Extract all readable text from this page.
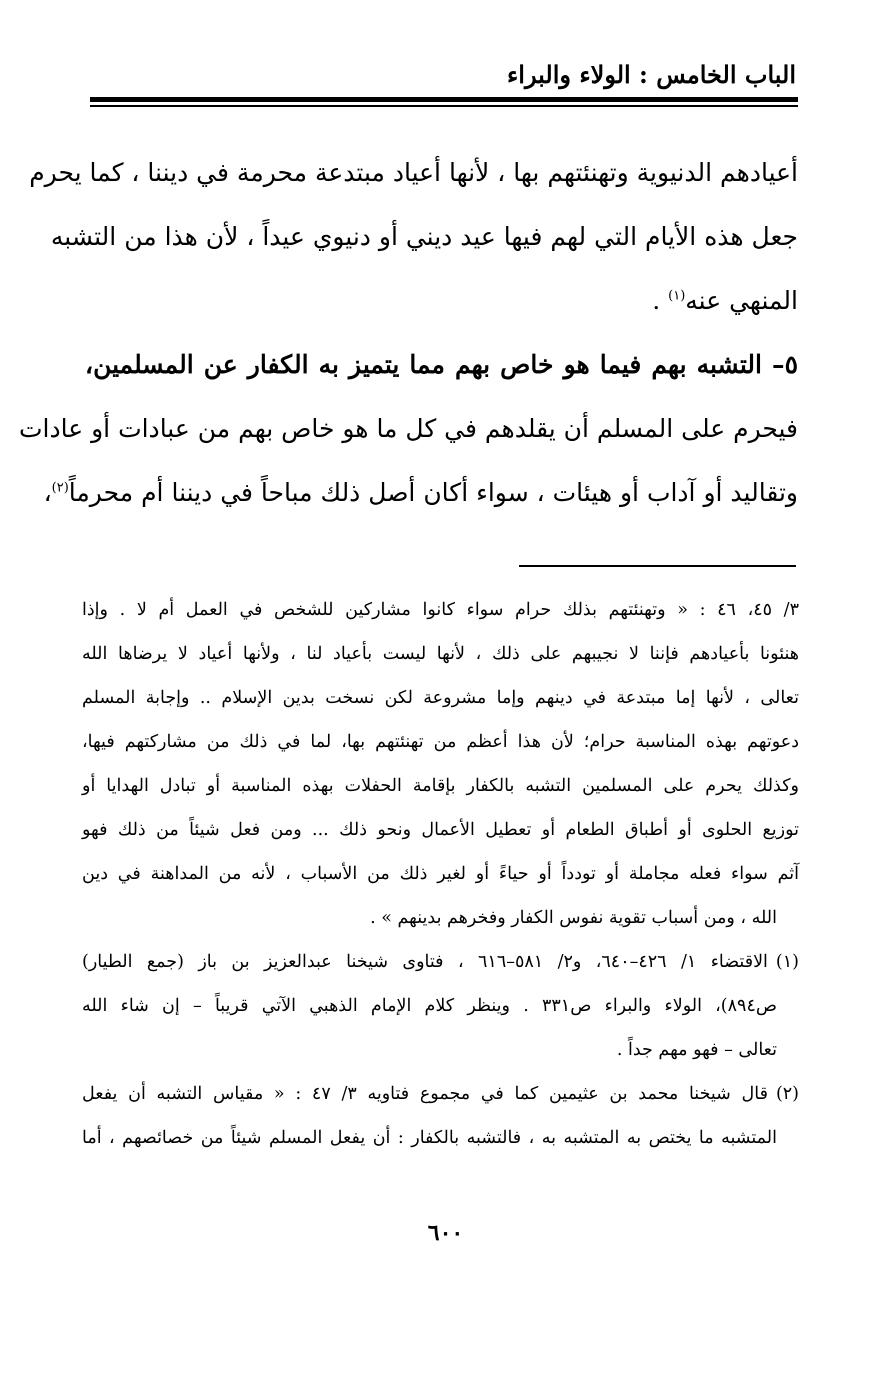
الباب الخامس : الولاء والبراء
أعيادهم الدنيوية وتهنئتهم بها ، لأنها أعياد مبتدعة محرمة في ديننا ، كما يحرم
جعل هذه الأيام التي لهم فيها عيد ديني أو دنيوي عيداً ، لأن هذا من التشبه
المنهي عنه$^{(١)}$ .
٥– التشبه بهم فيما هو خاص بهم مما يتميز به الكفار عن المسلمين،
فيحرم على المسلم أن يقلدهم في كل ما هو خاص بهم من عبادات أو عادات
وتقاليد أو آداب أو هيئات ، سواء أكان أصل ذلك مباحاً في ديننا أم محرماً$^{(٢)}$،
٣/ ٤٥، ٤٦ : « وتهنئتهم بذلك حرام سواء كانوا مشاركين للشخص في العمل أم لا . وإذا
هنئونا بأعيادهم فإننا لا نجيبهم على ذلك ، لأنها ليست بأعياد لنا ، ولأنها أعياد لا يرضاها الله
تعالى ، لأنها إما مبتدعة في دينهم وإما مشروعة لكن نسخت بدين الإسلام .. وإجابة المسلم
دعوتهم بهذه المناسبة حرام؛ لأن هذا أعظم من تهنئتهم بها، لما في ذلك من مشاركتهم فيها،
وكذلك يحرم على المسلمين التشبه بالكفار بإقامة الحفلات بهذه المناسبة أو تبادل الهدايا أو
توزيع الحلوى أو أطباق الطعام أو تعطيل الأعمال ونحو ذلك ... ومن فعل شيئاً من ذلك فهو
آثم سواء فعله مجاملة أو تودداً أو حياءً أو لغير ذلك من الأسباب ، لأنه من المداهنة في دين
الله ، ومن أسباب تقوية نفوس الكفار وفخرهم بدينهم » .
(١)الاقتضاء ١/ ٤٢٦–٦٤٠، و٢/ ٥٨١–٦١٦ ، فتاوى شيخنا عبدالعزيز بن باز (جمع الطيار)
ص٨٩٤)، الولاء والبراء ص٣٣١ . وينظر كلام الإمام الذهبي الآتي قريباً – إن شاء الله
تعالى – فهو مهم جداً .
(٢)قال شيخنا محمد بن عثيمين كما في مجموع فتاويه ٣/ ٤٧ : « مقياس التشبه أن يفعل
المتشبه ما يختص به المتشبه به ، فالتشبه بالكفار : أن يفعل المسلم شيئاً من خصائصهم ، أما
٦٠٠
